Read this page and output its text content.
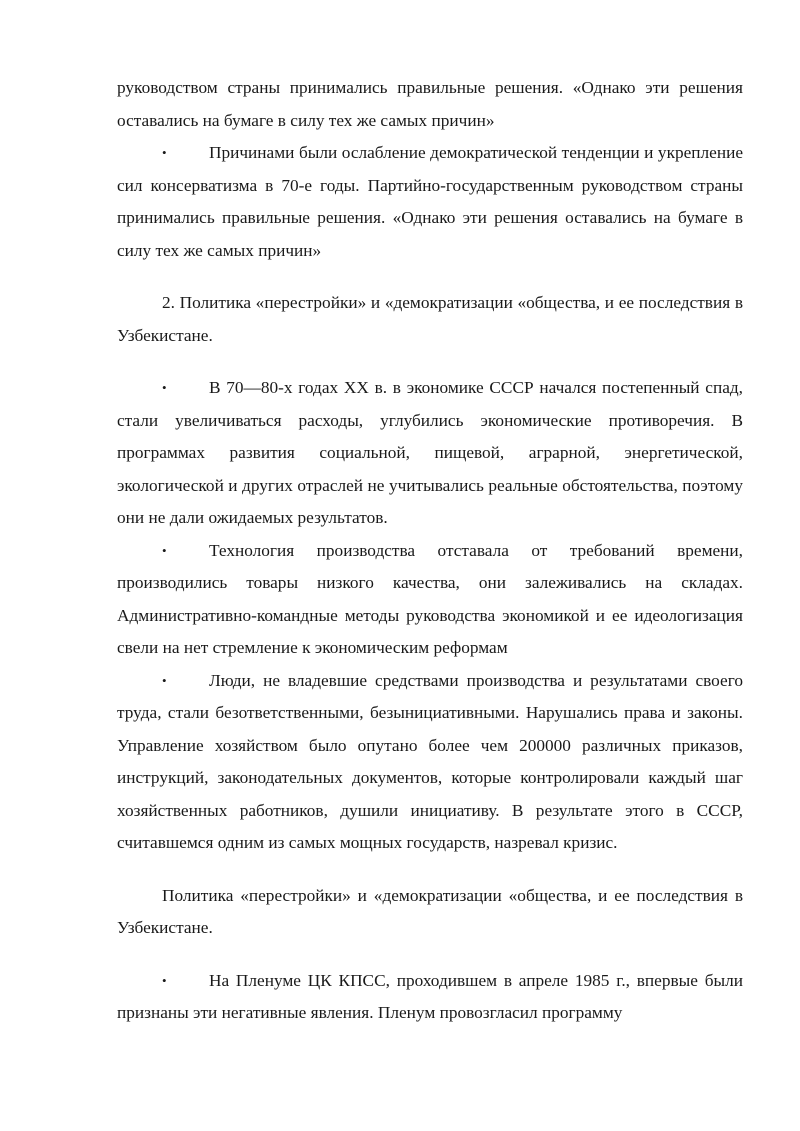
руководством страны принимались правильные решения. «Однако эти решения оставались на бумаге в силу тех же самых причин»

• Причинами были ослабление демократической тенденции и укрепление сил консерватизма в 70-е годы. Партийно-государственным руководством страны принимались правильные решения. «Однако эти решения оставались на бумаге в силу тех же самых причин»

2. Политика «перестройки» и «демократизации «общества, и ее последствия в Узбекистане.

• В 70—80-х годах XX в. в экономике СССР начался постепенный спад, стали увеличиваться расходы, углубились экономические противоречия. В программах развития социальной, пищевой, аграрной, энергетической, экологической и других отраслей не учитывались реальные обстоятельства, поэтому они не дали ожидаемых результатов.

• Технология производства отставала от требований времени, производились товары низкого качества, они залеживались на складах. Административно-командные методы руководства экономикой и ее идеологизация свели на нет стремление к экономическим реформам

• Люди, не владевшие средствами производства и результатами своего труда, стали безответственными, безынициативными. Нарушались права и законы. Управление хозяйством было опутано более чем 200000 различных приказов, инструкций, законодательных документов, которые контролировали каждый шаг хозяйственных работников, душили инициативу. В результате этого в СССР, считавшемся одним из самых мощных государств, назревал кризис.

Политика «перестройки» и «демократизации «общества, и ее последствия в Узбекистане.

• На Пленуме ЦК КПСС, проходившем в апреле 1985 г., впервые были признаны эти негативные явления. Пленум провозгласил программу
